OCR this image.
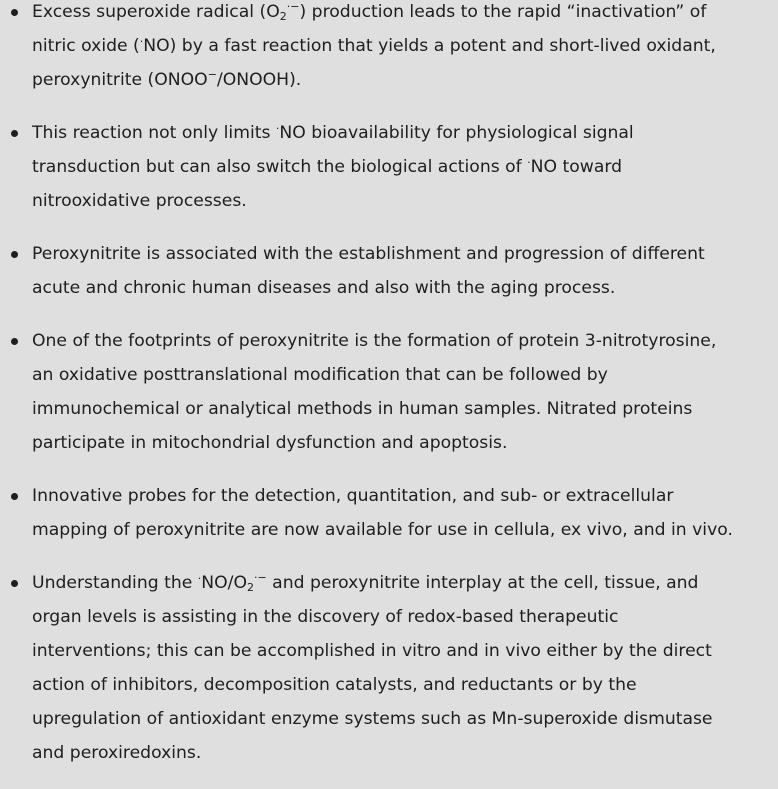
Excess superoxide radical $(O_2^{\cdot-})$ production leads to the rapid “inactivation” of
nitric oxide (·NO) by a fast reaction that yields a potent and short-lived oxidant,
peroxynitrite (ONOO−/ONOOH).
This reaction not only limits ·NO bioavailability for physiological signal
transduction but can also switch the biological actions of ·NO toward
nitrooxidative processes.
Peroxynitrite is associated with the establishment and progression of different
acute and chronic human diseases and also with the aging process.
One of the footprints of peroxynitrite is the formation of protein 3-nitrotyrosine,
an oxidative posttranslational modification that can be followed by
immunochemical or analytical methods in human samples. Nitrated proteins
participate in mitochondrial dysfunction and apoptosis.
Innovative probes for the detection, quantitation, and sub- or extracellular
mapping of peroxynitrite are now available for use in cellula, ex vivo, and in vivo.
Understanding the $^\cdot NO/O_2^{\cdot-}$ and peroxynitrite interplay at the cell, tissue, and
organ levels is assisting in the discovery of redox-based therapeutic
interventions; this can be accomplished in vitro and in vivo either by the direct
action of inhibitors, decomposition catalysts, and reductants or by the
upregulation of antioxidant enzyme systems such as Mn-superoxide dismutase
and peroxiredoxins.
